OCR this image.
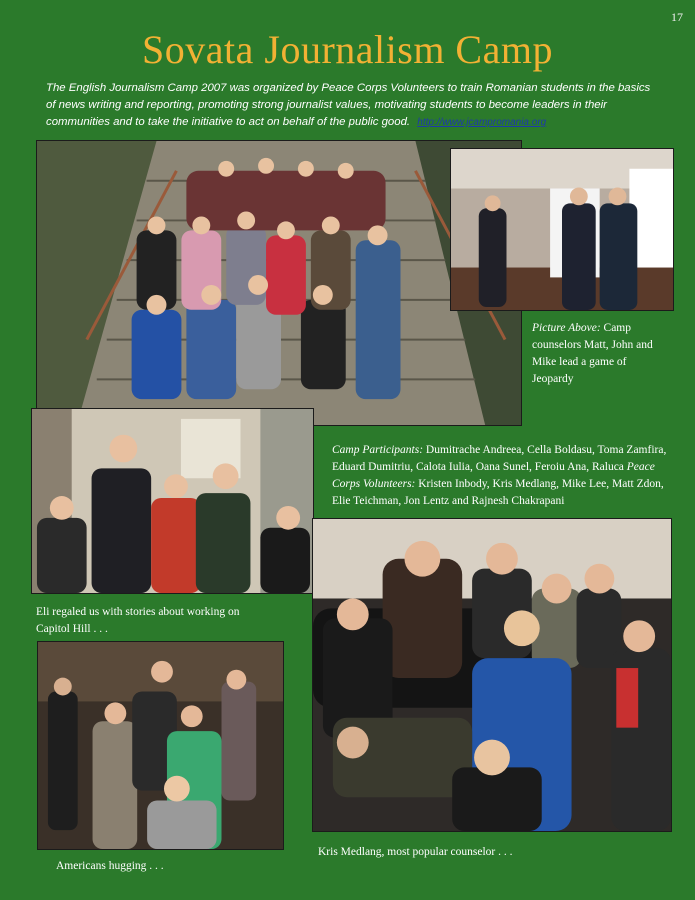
17
Sovata Journalism Camp

The English Journalism Camp 2007 was organized by Peace Corps Volunteers to train Romanian students in the basics of news writing and reporting, promoting strong journalist values, motivating students to become leaders in their communities and to take the initiative to act on behalf of the public good. http://www.jcampromania.org

Picture Above: Camp counselors Matt, John and Mike lead a game of Jeopardy

Camp Participants: Dumitrache Andreea, Cella Boldasu, Toma Zamfira, Eduard Dumitriu, Calota Iulia, Oana Sunel, Feroiu Ana, Raluca Peace Corps Volunteers: Kristen Inbody, Kris Medlang, Mike Lee, Matt Zdon, Elie Teichman, Jon Lentz and Rajnesh Chakrapani

Eli regaled us with stories about working on Capitol Hill . . .

Kris Medlang, most popular counselor . . .

Americans hugging . . .
